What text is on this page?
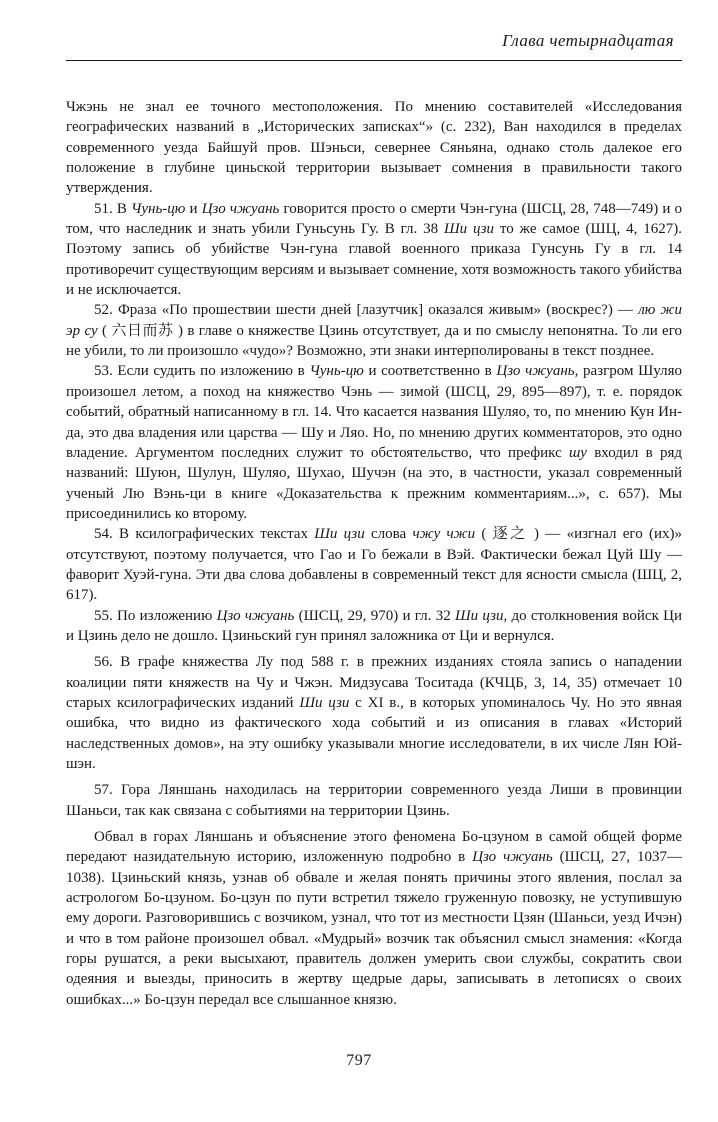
Глава четырнадцатая

Чжэнь не знал ее точного местоположения. По мнению составителей «Исследования географических названий в „Исторических записках“» (с. 232), Ван находился в пределах современного уезда Байшуй пров. Шэньси, севернее Сяньяна, однако столь далекое его положение в глубине циньской территории вызывает сомнения в правильности такого утверждения.

51. В Чунь-цю и Цзо чжуань говорится просто о смерти Чэн-гуна (ШСЦ, 28, 748—749) и о том, что наследник и знать убили Гуньсунь Гу. В гл. 38 Ши цзи то же самое (ШЦ, 4, 1627). Поэтому запись об убийстве Чэн-гуна главой военного приказа Гунсунь Гу в гл. 14 противоречит существующим версиям и вызывает сомнение, хотя возможность такого убийства и не исключается.

52. Фраза «По прошествии шести дней [лазутчик] оказался живым» (воскрес?) — лю жи эр су ( 六日而苏 ) в главе о княжестве Цзинь отсутствует, да и по смыслу непонятна. То ли его не убили, то ли произошло «чудо»? Возможно, эти знаки интерполированы в текст позднее.

53. Если судить по изложению в Чунь-цю и соответственно в Цзо чжуань, разгром Шуляо произошел летом, а поход на княжество Чэнь — зимой (ШСЦ, 29, 895—897), т. е. порядок событий, обратный написанному в гл. 14. Что касается названия Шуляо, то, по мнению Кун Ин-да, это два владения или царства — Шу и Ляо. Но, по мнению других комментаторов, это одно владение. Аргументом последних служит то обстоятельство, что префикс шу входил в ряд названий: Шуюн, Шулун, Шуляо, Шухао, Шучэн (на это, в частности, указал современный ученый Лю Вэнь-ци в книге «Доказательства к прежним комментариям...», с. 657). Мы присоединились ко второму.

54. В ксилографических текстах Ши цзи слова чжу чжи ( 逐之 ) — «изгнал его (их)» отсутствуют, поэтому получается, что Гао и Го бежали в Вэй. Фактически бежал Цуй Шу — фаворит Хуэй-гуна. Эти два слова добавлены в современный текст для ясности смысла (ШЦ, 2, 617).

55. По изложению Цзо чжуань (ШСЦ, 29, 970) и гл. 32 Ши цзи, до столкновения войск Ци и Цзинь дело не дошло. Цзиньский гун принял заложника от Ци и вернулся.

56. В графе княжества Лу под 588 г. в прежних изданиях стояла запись о нападении коалиции пяти княжеств на Чу и Чжэн. Мидзусава Тоситада (КЧЦБ, 3, 14, 35) отмечает 10 старых ксилографических изданий Ши цзи с XI в., в которых упоминалось Чу. Но это явная ошибка, что видно из фактического хода событий и из описания в главах «Историй наследственных домов», на эту ошибку указывали многие исследователи, в их числе Лян Юй-шэн.

57. Гора Ляншань находилась на территории современного уезда Лиши в провинции Шаньси, так как связана с событиями на территории Цзинь.

Обвал в горах Ляншань и объяснение этого феномена Бо-цзуном в самой общей форме передают назидательную историю, изложенную подробно в Цзо чжуань (ШСЦ, 27, 1037—1038). Цзиньский князь, узнав об обвале и желая понять причины этого явления, послал за астрологом Бо-цзуном. Бо-цзун по пути встретил тяжело груженную повозку, не уступившую ему дороги. Разговорившись с возчиком, узнал, что тот из местности Цзян (Шаньси, уезд Ичэн) и что в том районе произошел обвал. «Мудрый» возчик так объяснил смысл знамения: «Когда горы рушатся, а реки высыхают, правитель должен умерить свои службы, сократить свои одеяния и выезды, приносить в жертву щедрые дары, записывать в летописях о своих ошибках...» Бо-цзун передал все слышанное князю.

797
